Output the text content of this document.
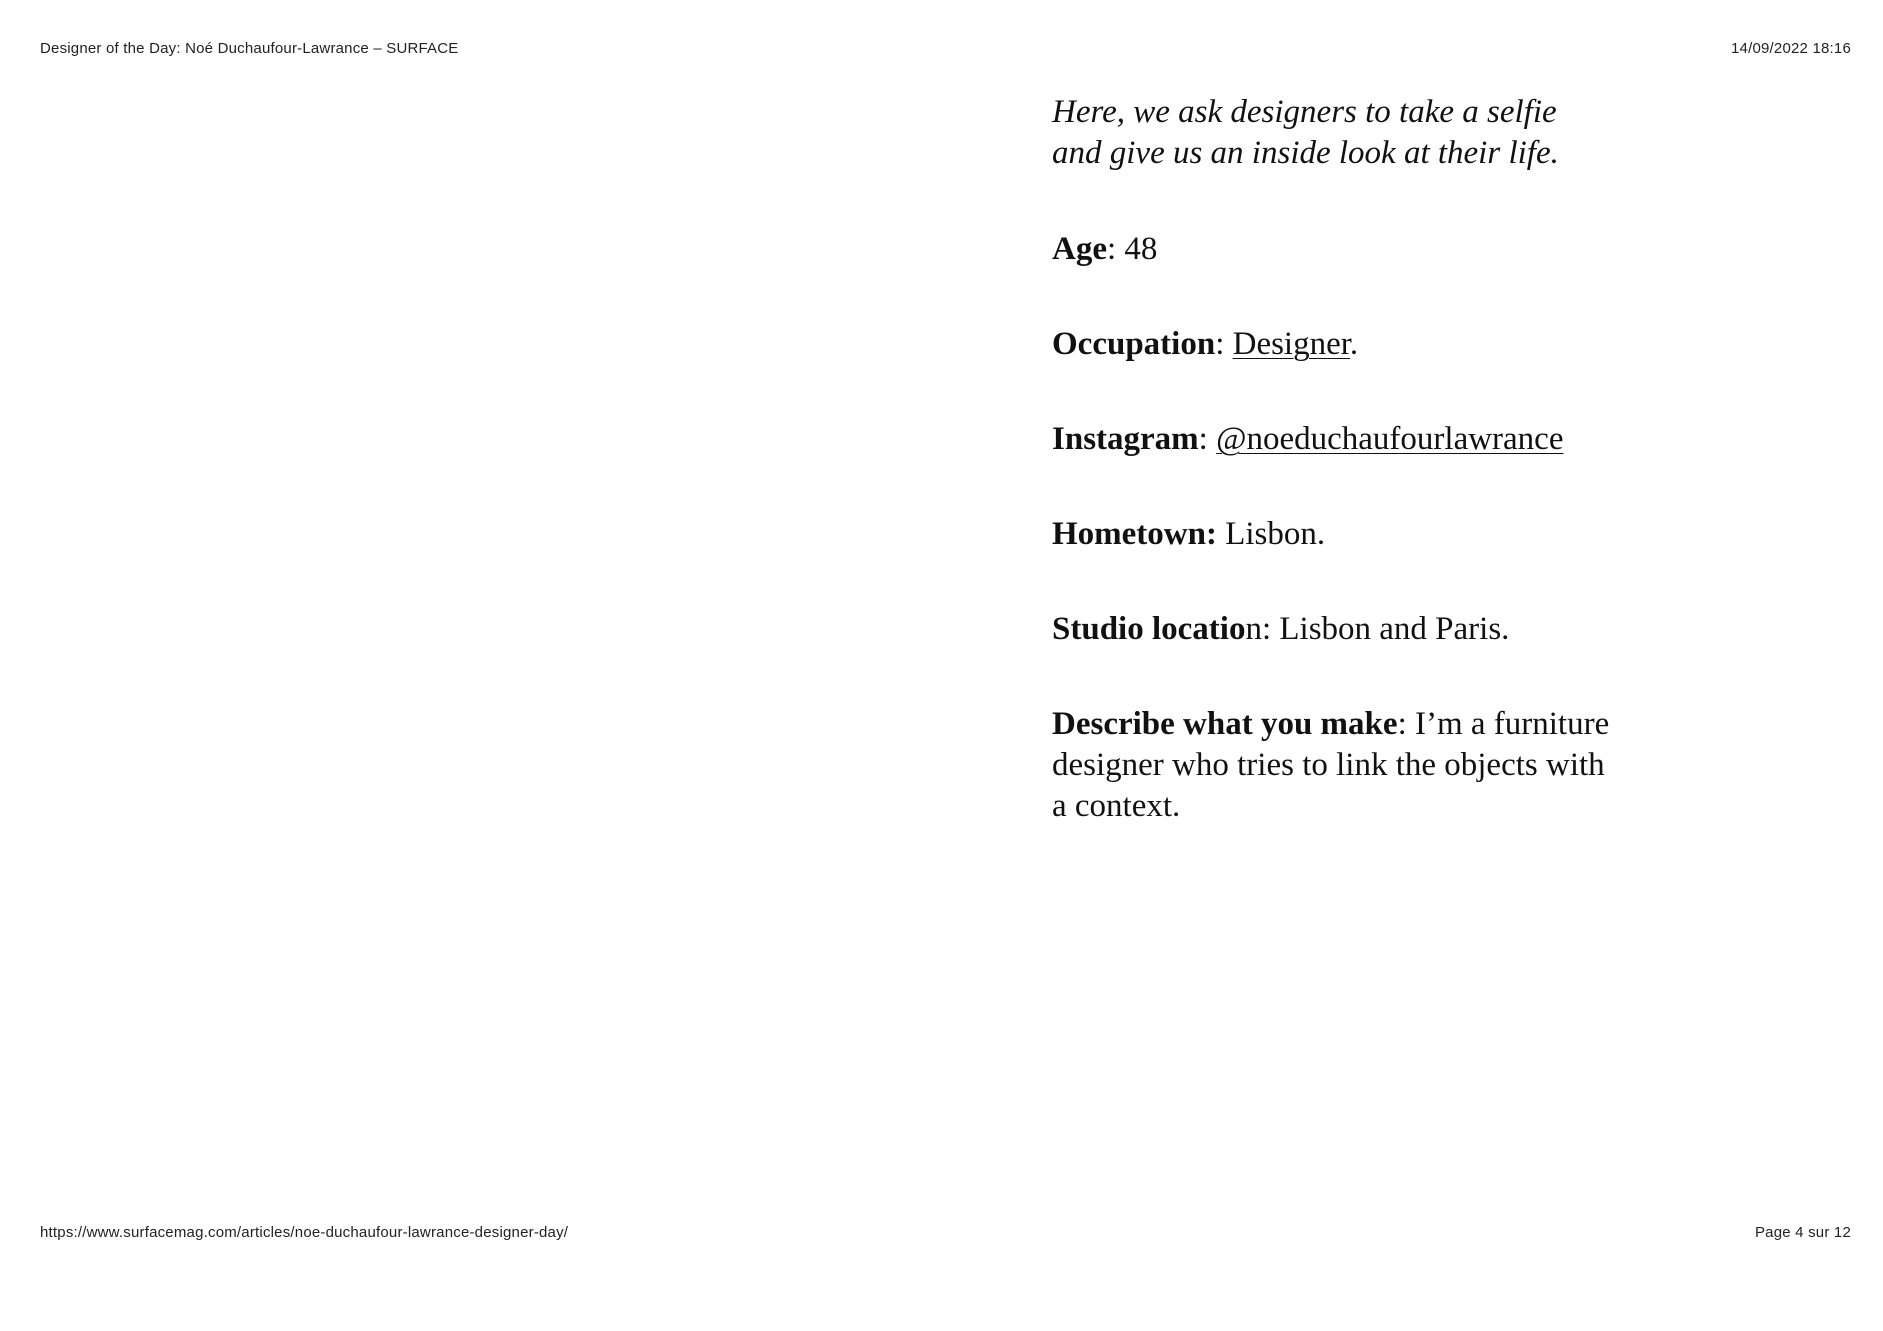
Designer of the Day: Noé Duchaufour-Lawrance – SURFACE	14/09/2022 18:16

Here, we ask designers to take a selfie and give us an inside look at their life.

Age: 48

Occupation: Designer.

Instagram: @noeduchaufourlawrance

Hometown: Lisbon.

Studio location: Lisbon and Paris.

Describe what you make: I’m a furniture designer who tries to link the objects with a context.

https://www.surfacemag.com/articles/noe-duchaufour-lawrance-designer-day/	Page 4 sur 12
